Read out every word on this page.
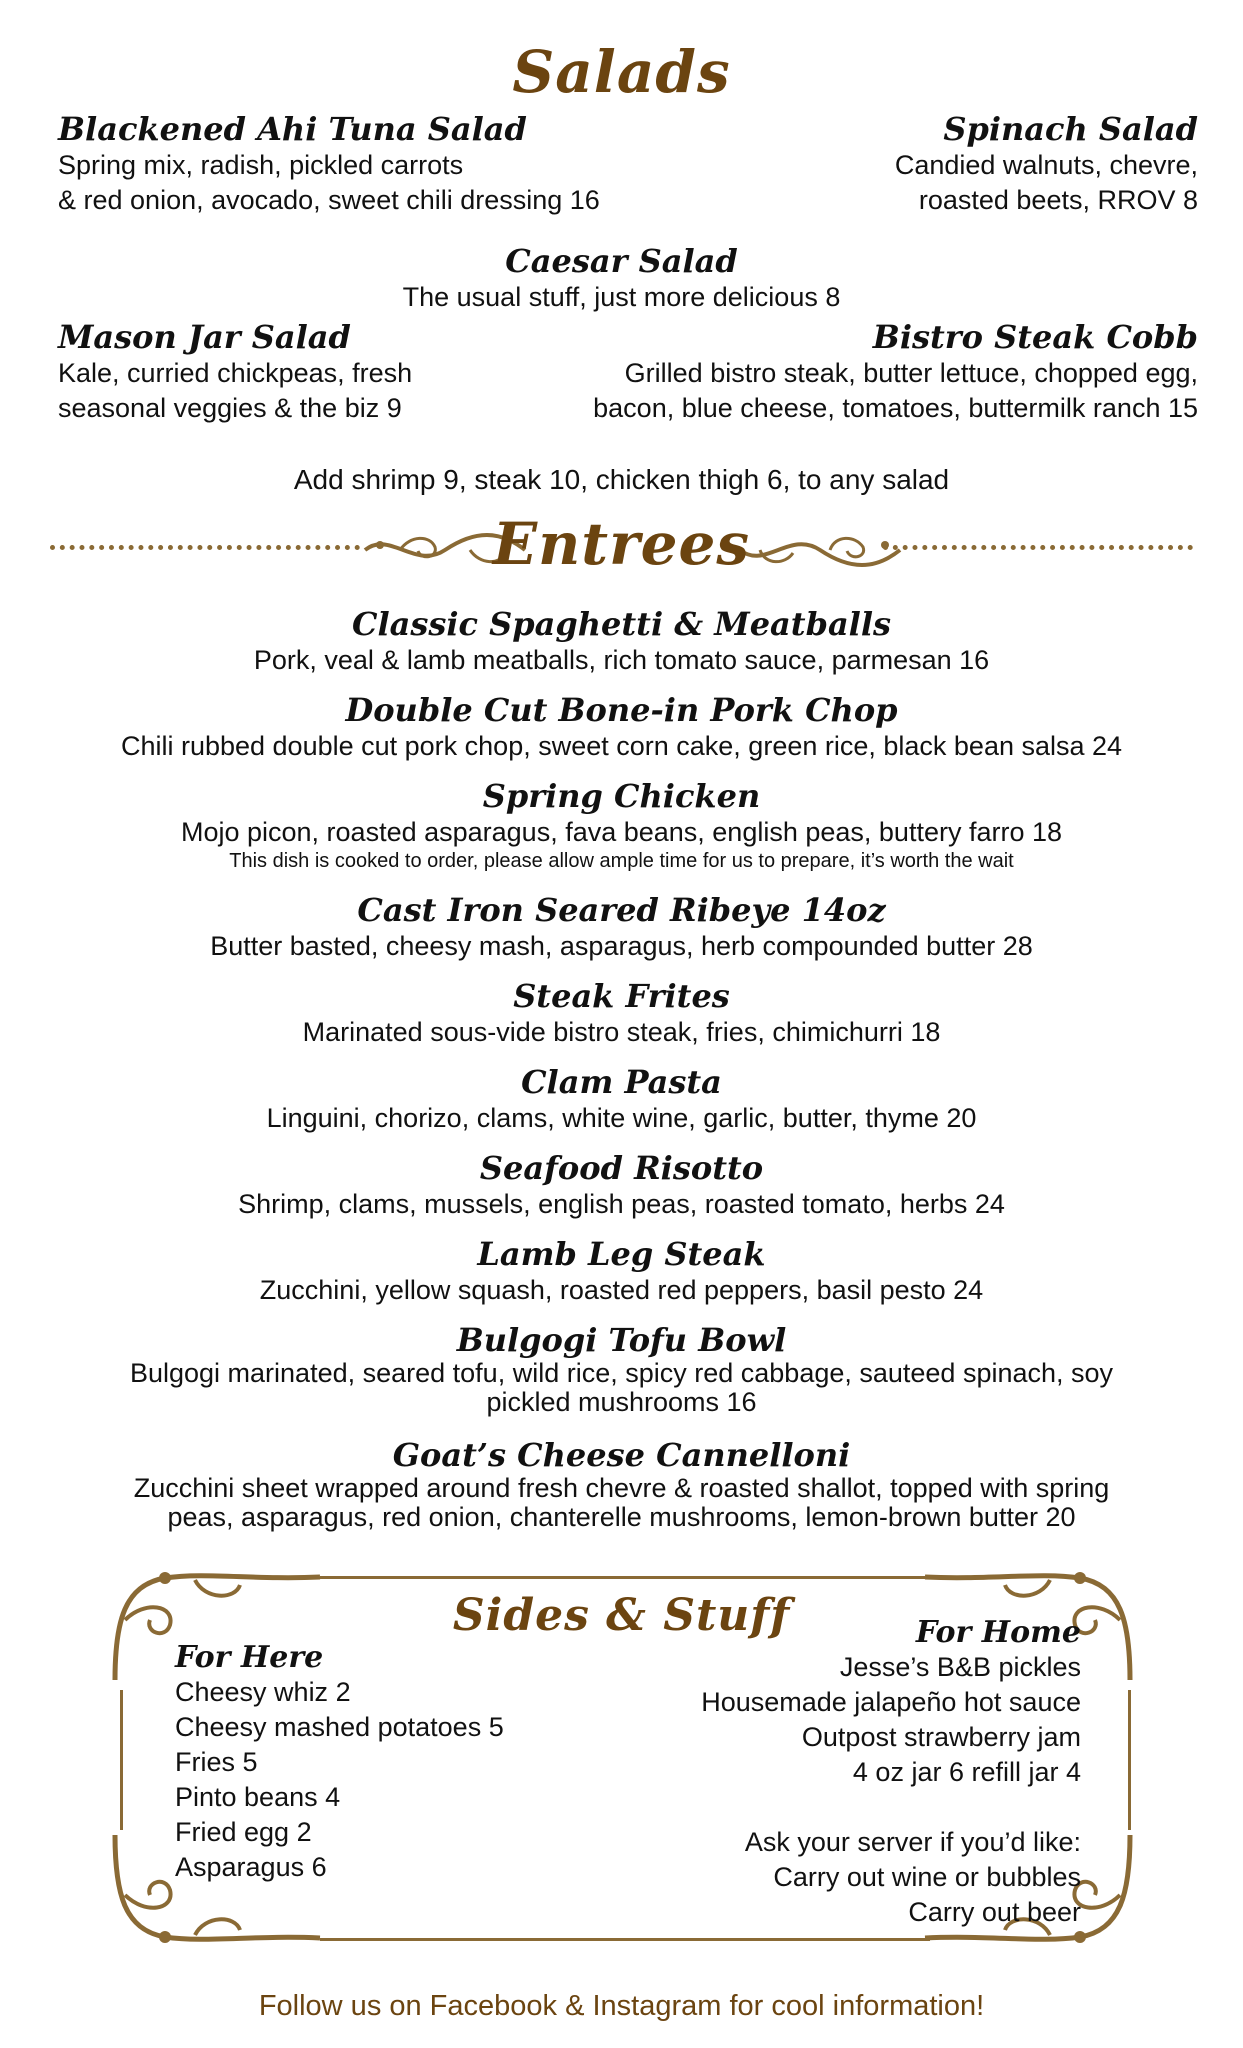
Salads
Blackened Ahi Tuna Salad
Spring mix, radish, pickled carrots
& red onion, avocado, sweet chili dressing 16
Spinach Salad
Candied walnuts, chevre,
roasted beets, RROV 8
Caesar Salad
The usual stuff, just more delicious 8
Mason Jar Salad
Kale, curried chickpeas, fresh
seasonal veggies & the biz 9
Bistro Steak Cobb
Grilled bistro steak, butter lettuce, chopped egg,
bacon, blue cheese, tomatoes, buttermilk ranch 15
Add shrimp 9, steak 10, chicken thigh 6, to any salad
Entrees
Classic Spaghetti & Meatballs
Pork, veal & lamb meatballs, rich tomato sauce, parmesan 16
Double Cut Bone-in Pork Chop
Chili rubbed double cut pork chop, sweet corn cake, green rice, black bean salsa 24
Spring Chicken
Mojo picon, roasted asparagus, fava beans, english peas, buttery farro 18
This dish is cooked to order, please allow ample time for us to prepare, it’s worth the wait
Cast Iron Seared Ribeye 14oz
Butter basted, cheesy mash, asparagus, herb compounded butter 28
Steak Frites
Marinated sous-vide bistro steak, fries, chimichurri 18
Clam Pasta
Linguini, chorizo, clams, white wine, garlic, butter, thyme 20
Seafood Risotto
Shrimp, clams, mussels, english peas, roasted tomato, herbs 24
Lamb Leg Steak
Zucchini, yellow squash, roasted red peppers, basil pesto 24
Bulgogi Tofu Bowl
Bulgogi marinated, seared tofu, wild rice, spicy red cabbage, sauteed spinach, soy
pickled mushrooms 16
Goat’s Cheese Cannelloni
Zucchini sheet wrapped around fresh chevre & roasted shallot, topped with spring
peas, asparagus, red onion, chanterelle mushrooms, lemon-brown butter 20
Sides & Stuff
For Here
Cheesy whiz 2
Cheesy mashed potatoes 5
Fries 5
Pinto beans 4
Fried egg 2
Asparagus 6
For Home
Jesse’s B&B pickles
Housemade jalapeño hot sauce
Outpost strawberry jam
4 oz jar 6 refill jar 4
Ask your server if you’d like:
Carry out wine or bubbles
Carry out beer
Follow us on Facebook & Instagram for cool information!
